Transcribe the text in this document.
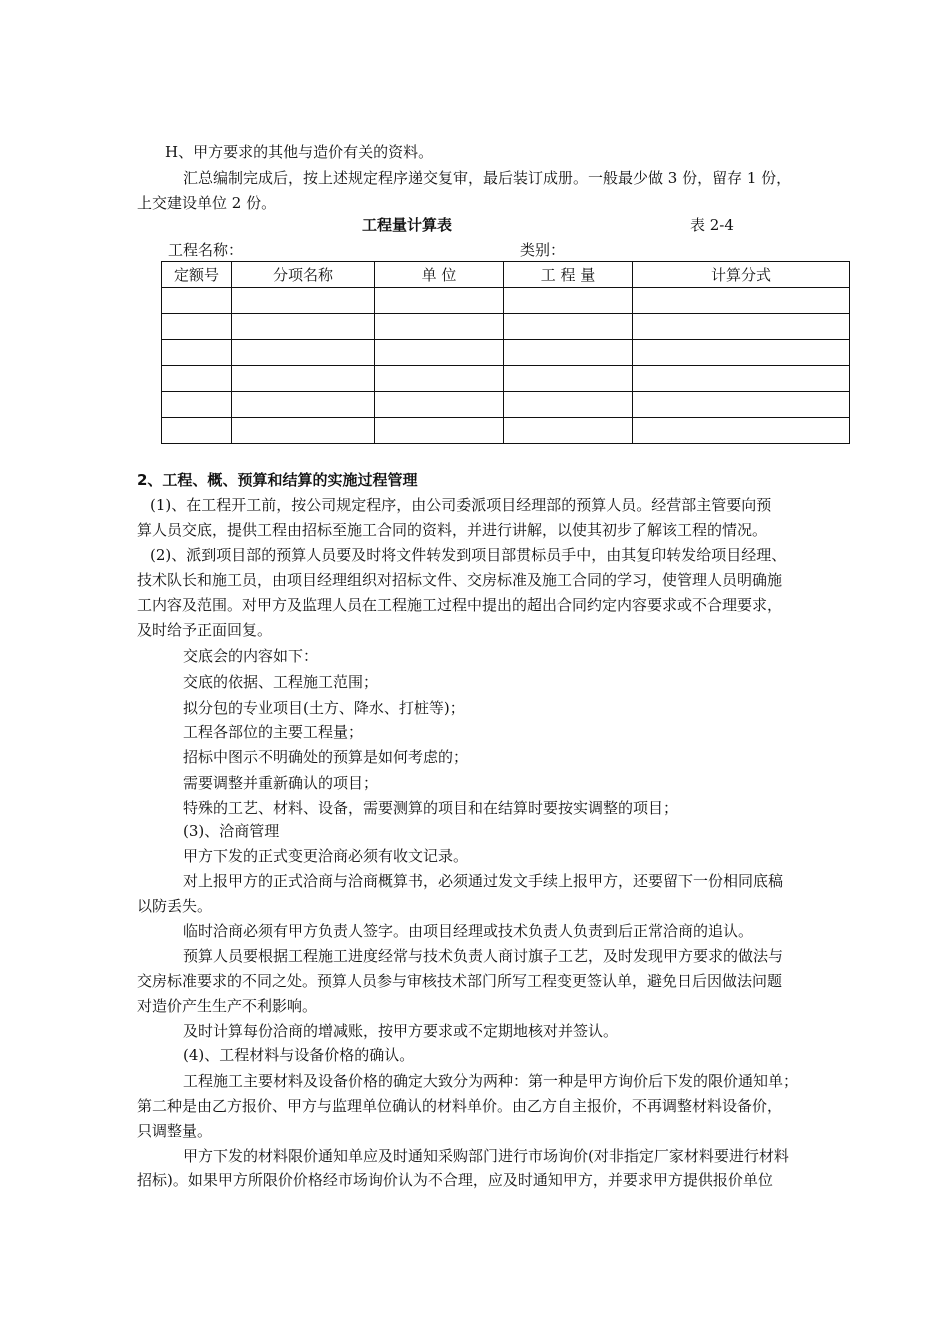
H、甲方要求的其他与造价有关的资料。
汇总编制完成后，按上述规定程序递交复审，最后装订成册。一般最少做 3 份，留存 1 份，
上交建设单位 2 份。
工程量计算表	表 2-4
工程名称：	类别：
定额号	分项名称	单 位	工 程 量	计算分式

2、工程、概、预算和结算的实施过程管理
(1)、在工程开工前，按公司规定程序，由公司委派项目经理部的预算人员。经营部主管要向预
算人员交底，提供工程由招标至施工合同的资料，并进行讲解，以使其初步了解该工程的情况。
(2)、派到项目部的预算人员要及时将文件转发到项目部贯标员手中，由其复印转发给项目经理、
技术队长和施工员，由项目经理组织对招标文件、交房标准及施工合同的学习，使管理人员明确施
工内容及范围。对甲方及监理人员在工程施工过程中提出的超出合同约定内容要求或不合理要求，
及时给予正面回复。
交底会的内容如下：
交底的依据、工程施工范围；
拟分包的专业项目(土方、降水、打桩等)；
工程各部位的主要工程量；
招标中图示不明确处的预算是如何考虑的；
需要调整并重新确认的项目；
特殊的工艺、材料、设备，需要测算的项目和在结算时要按实调整的项目；
(3)、洽商管理
甲方下发的正式变更洽商必须有收文记录。
对上报甲方的正式洽商与洽商概算书，必须通过发文手续上报甲方，还要留下一份相同底稿
以防丢失。
临时洽商必须有甲方负责人签字。由项目经理或技术负责人负责到后正常洽商的追认。
预算人员要根据工程施工进度经常与技术负责人商讨旗子工艺，及时发现甲方要求的做法与
交房标准要求的不同之处。预算人员参与审核技术部门所写工程变更签认单，避免日后因做法问题
对造价产生生产不利影响。
及时计算每份洽商的增减账，按甲方要求或不定期地核对并签认。
(4)、工程材料与设备价格的确认。
工程施工主要材料及设备价格的确定大致分为两种：第一种是甲方询价后下发的限价通知单；
第二种是由乙方报价、甲方与监理单位确认的材料单价。由乙方自主报价，不再调整材料设备价，
只调整量。
甲方下发的材料限价通知单应及时通知采购部门进行市场询价(对非指定厂家材料要进行材料
招标)。如果甲方所限价价格经市场询价认为不合理，应及时通知甲方，并要求甲方提供报价单位
